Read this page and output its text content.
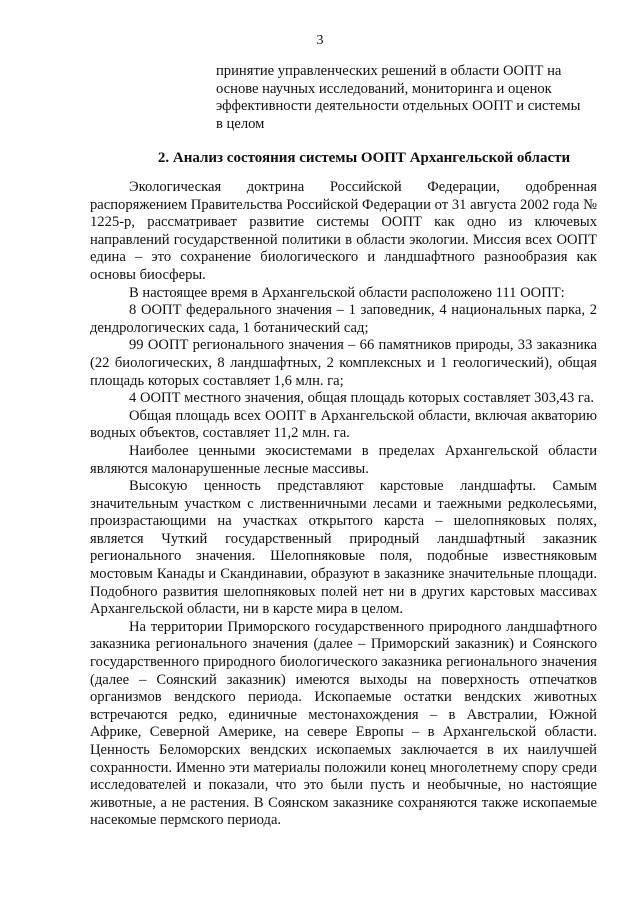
3
принятие управленческих решений в области ООПТ на
основе научных исследований, мониторинга и оценок
эффективности деятельности отдельных ООПТ и системы
в целом
2. Анализ состояния системы ООПТ Архангельской области

Экологическая доктрина Российской Федерации, одобренная распоряжением Правительства Российской Федерации от 31 августа 2002 года № 1225-р, рассматривает развитие системы ООПТ как одно из ключевых направлений государственной политики в области экологии. Миссия всех ООПТ едина – это сохранение биологического и ландшафтного разнообразия как основы биосферы.

В настоящее время в Архангельской области расположено 111 ООПТ:

8 ООПТ федерального значения – 1 заповедник, 4 национальных парка, 2 дендрологических сада, 1 ботанический сад;

99 ООПТ регионального значения – 66 памятников природы, 33 заказника (22 биологических, 8 ландшафтных, 2 комплексных и 1 геологический), общая площадь которых составляет 1,6 млн. га;

4 ООПТ местного значения, общая площадь которых составляет 303,43 га.

Общая площадь всех ООПТ в Архангельской области, включая акваторию водных объектов, составляет 11,2 млн. га.

Наиболее ценными экосистемами в пределах Архангельской области являются малонарушенные лесные массивы.

Высокую ценность представляют карстовые ландшафты. Самым значительным участком с лиственничными лесами и таежными редколесьями, произрастающими на участках открытого карста – шелопняковых полях, является Чуткий государственный природный ландшафтный заказник регионального значения. Шелопняковые поля, подобные известняковым мостовым Канады и Скандинавии, образуют в заказнике значительные площади. Подобного развития шелопняковых полей нет ни в других карстовых массивах Архангельской области, ни в карсте мира в целом.

На территории Приморского государственного природного ландшафтного заказника регионального значения (далее – Приморский заказник) и Соянского государственного природного биологического заказника регионального значения (далее – Соянский заказник) имеются выходы на поверхность отпечатков организмов вендского периода. Ископаемые остатки вендских животных встречаются редко, единичные местонахождения – в Австралии, Южной Африке, Северной Америке, на севере Европы – в Архангельской области. Ценность Беломорских вендских ископаемых заключается в их наилучшей сохранности. Именно эти материалы положили конец многолетнему спору среди исследователей и показали, что это были пусть и необычные, но настоящие животные, а не растения. В Соянском заказнике сохраняются также ископаемые насекомые пермского периода.
